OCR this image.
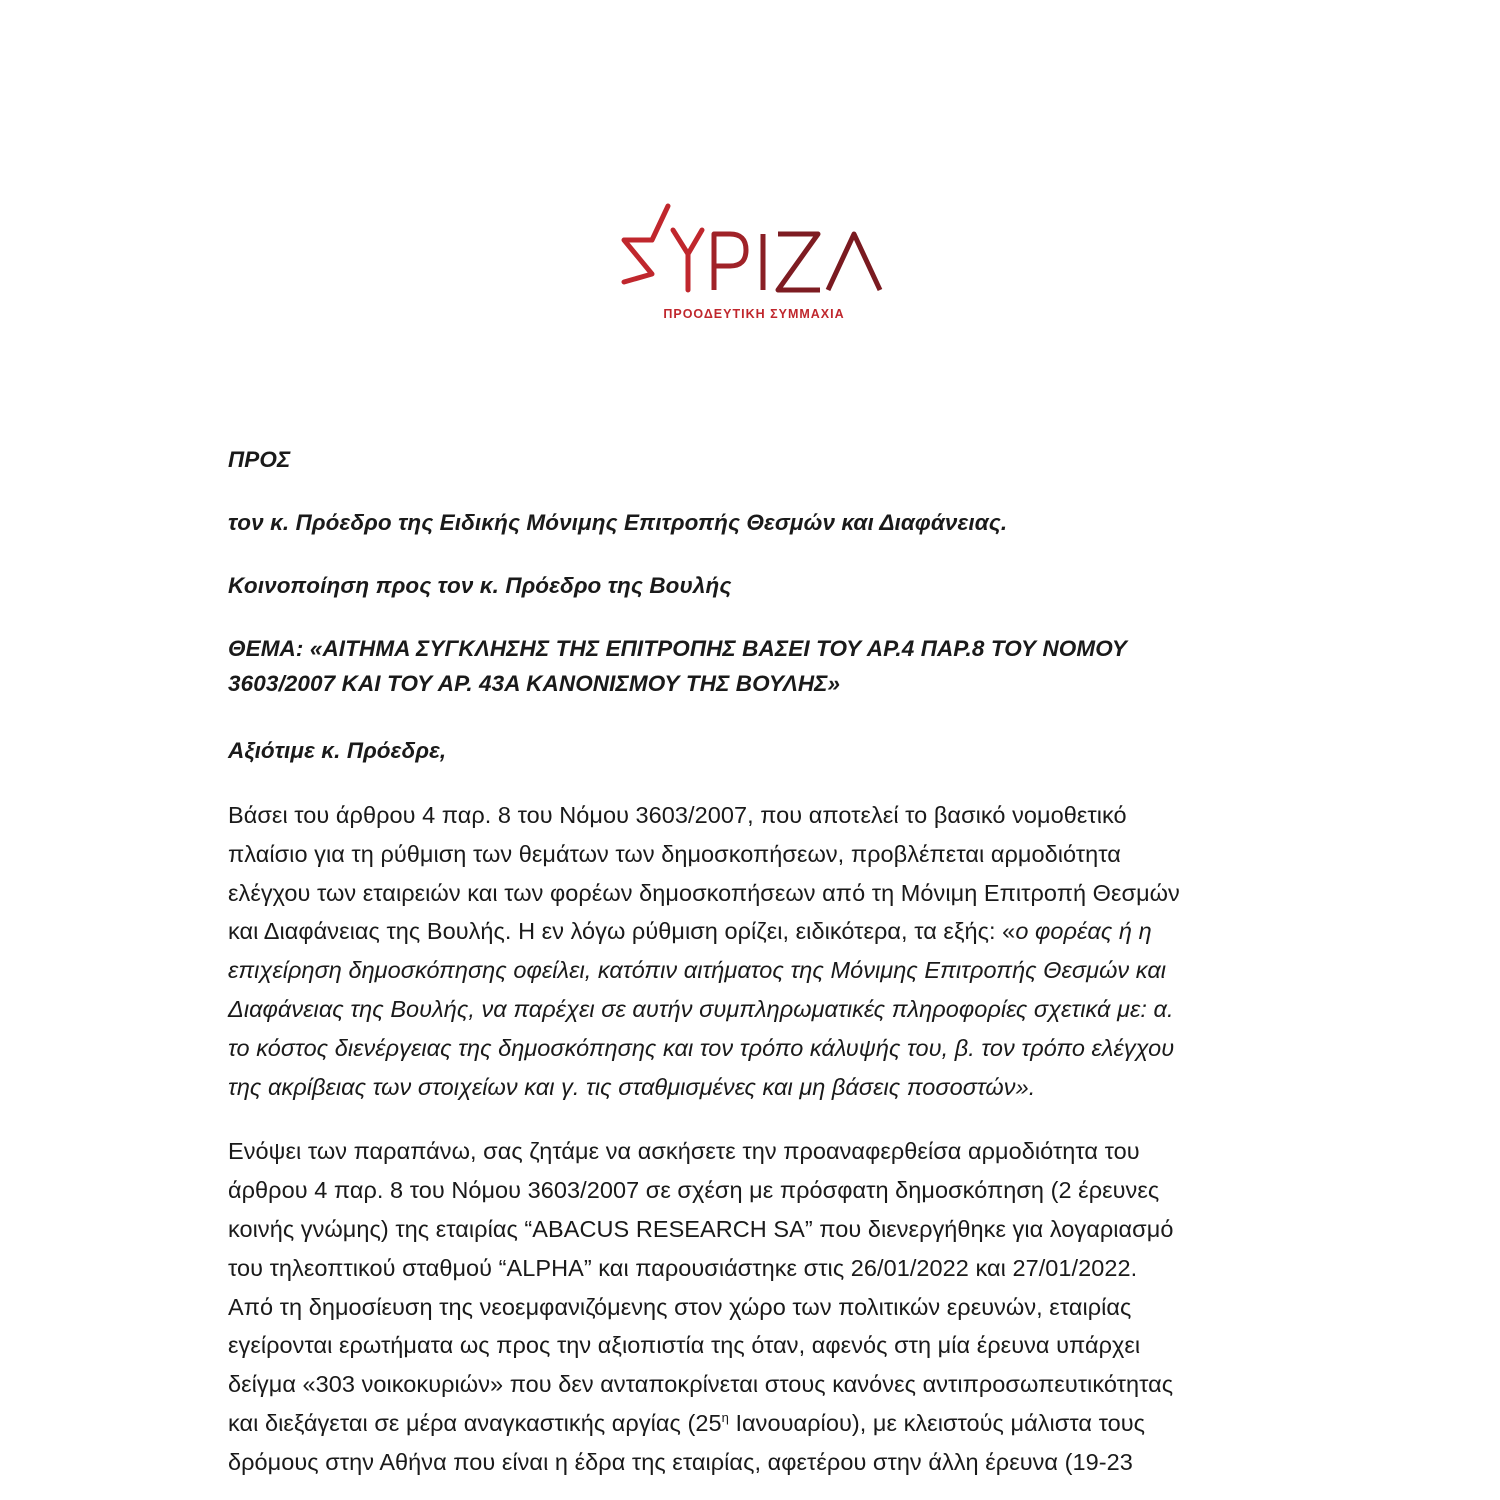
ΠΡΟΟΔΕΥΤΙΚΗ ΣΥΜΜΑΧΙΑ

ΠΡΟΣ

τον κ. Πρόεδρο της Ειδικής Μόνιμης Επιτροπής Θεσμών και Διαφάνειας.

Κοινοποίηση προς τον κ. Πρόεδρο της Βουλής

ΘΕΜΑ: «ΑΙΤΗΜΑ ΣΥΓΚΛΗΣΗΣ ΤΗΣ ΕΠΙΤΡΟΠΗΣ ΒΑΣΕΙ ΤΟΥ ΑΡ.4 ΠΑΡ.8 ΤΟΥ ΝΟΜΟΥ
3603/2007 ΚΑΙ ΤΟΥ ΑΡ. 43Α ΚΑΝΟΝΙΣΜΟΥ ΤΗΣ ΒΟΥΛΗΣ»

Αξιότιμε κ. Πρόεδρε,

Βάσει του άρθρου 4 παρ. 8 του Νόμου 3603/2007, που αποτελεί το βασικό νομοθετικό
πλαίσιο για τη ρύθμιση των θεμάτων των δημοσκοπήσεων, προβλέπεται αρμοδιότητα
ελέγχου των εταιρειών και των φορέων δημοσκοπήσεων από τη Μόνιμη Επιτροπή Θεσμών
και Διαφάνειας της Βουλής. Η εν λόγω ρύθμιση ορίζει, ειδικότερα, τα εξής: «ο φορέας ή η
επιχείρηση δημοσκόπησης οφείλει, κατόπιν αιτήματος της Μόνιμης Επιτροπής Θεσμών και
Διαφάνειας της Βουλής, να παρέχει σε αυτήν συμπληρωματικές πληροφορίες σχετικά με: α.
το κόστος διενέργειας της δημοσκόπησης και τον τρόπο κάλυψής του, β. τον τρόπο ελέγχου
της ακρίβειας των στοιχείων και γ. τις σταθμισμένες και μη βάσεις ποσοστών».

Ενόψει των παραπάνω, σας ζητάμε να ασκήσετε την προαναφερθείσα αρμοδιότητα του
άρθρου 4 παρ. 8 του Νόμου 3603/2007 σε σχέση με πρόσφατη δημοσκόπηση (2 έρευνες
κοινής γνώμης) της εταιρίας “ABACUS RESEARCH SA” που διενεργήθηκε για λογαριασμό
του τηλεοπτικού σταθμού “ALPHA” και παρουσιάστηκε στις 26/01/2022 και 27/01/2022.
Από τη δημοσίευση της νεοεμφανιζόμενης στον χώρο των πολιτικών ερευνών, εταιρίας
εγείρονται ερωτήματα ως προς την αξιοπιστία της όταν, αφενός στη μία έρευνα υπάρχει
δείγμα «303 νοικοκυριών» που δεν ανταποκρίνεται στους κανόνες αντιπροσωπευτικότητας
και διεξάγεται σε μέρα αναγκαστικής αργίας ($25^\eta$ Ιανουαρίου), με κλειστούς μάλιστα τους
δρόμους στην Αθήνα που είναι η έδρα της εταιρίας, αφετέρου στην άλλη έρευνα (19-23
